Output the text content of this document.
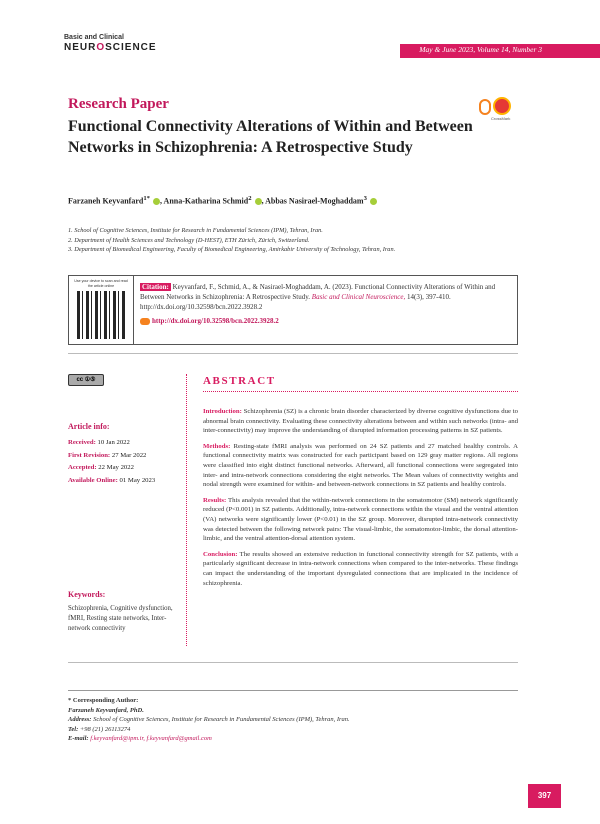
Basic and Clinical
NEUROSCIENCE	May & June 2023, Volume 14, Number 3
Research Paper
CrossMark
Functional Connectivity Alterations of Within and Between Networks in Schizophrenia: A Retrospective Study
Farzaneh Keyvanfard$^{1*}$ , Anna-Katharina Schmid$^2$ , Abbas Nasirael-Moghaddam$^3$
1. School of Cognitive Sciences, Institute for Research in Fundamental Sciences (IPM), Tehran, Iran.
2. Department of Health Sciences and Technology (D-HEST), ETH Zürich, Zürich, Switzerland.
3. Department of Biomedical Engineering, Faculty of Biomedical Engineering, Amirkabir University of Technology, Tehran, Iran.
Use your device to scan and read the article online	Citation: Keyvanfard, F., Schmid, A., & Nasirael-Moghaddam, A. (2023). Functional Connectivity Alterations of Within and Between Networks in Schizophrenia: A Retrospective Study. Basic and Clinical Neuroscience, 14(3), 397-410. http://dx.doi.org/10.32598/bcn.2022.3928.2
http://dx.doi.org/10.32598/bcn.2022.3928.2
cc ①⑤	ABSTRACT
Article info:
Received: 10 Jan 2022
First Revision: 27 Mar 2022
Accepted: 22 May 2022
Available Online: 01 May 2023
Keywords:
Schizophrenia, Cognitive dysfunction, fMRI, Resting state networks, Inter-network connectivity

Introduction: Schizophrenia (SZ) is a chronic brain disorder characterized by diverse cognitive dysfunctions due to abnormal brain connectivity. Evaluating these connectivity alterations between and within such networks (intra- and inter-connectivity) may improve the understanding of disrupted information processing patterns in SZ patients.

Methods: Resting-state fMRI analysis was performed on 24 SZ patients and 27 matched healthy controls. A functional connectivity matrix was constructed for each participant based on 129 gray matter regions. All regions were classified into eight distinct functional networks. Afterward, all functional connections were segregated into inter- and intra-network connections considering the eight networks. The Mean values of connectivity weights and nodal strength were examined for within- and between-network connections in SZ patients and healthy controls.

Results: This analysis revealed that the within-network connections in the somatomotor (SM) network significantly reduced (P<0.001) in SZ patients. Additionally, intra-network connections within the visual and the ventral attention (VA) networks were significantly lower (P<0.01) in the SZ group. Moreover, disrupted intra-network connectivity was detected between the following network pairs: The visual-limbic, the somatomotor-limbic, the dorsal attention-limbic, and the ventral attention-dorsal attention system.

Conclusion: The results showed an extensive reduction in functional connectivity strength for SZ patients, with a particularly significant decrease in intra-network connections when compared to the inter-networks. These findings can impact the understanding of the important dysregulated connections that are implicated in the incidence of schizophrenia.

* Corresponding Author:
Farzaneh Keyvanfard, PhD.
Address: School of Cognitive Sciences, Institute for Research in Fundamental Sciences (IPM), Tehran, Iran.
Tel: +98 (21) 26113274
E-mail: f.keyvanfard@ipm.ir, f.keyvanfard@gmail.com
397
